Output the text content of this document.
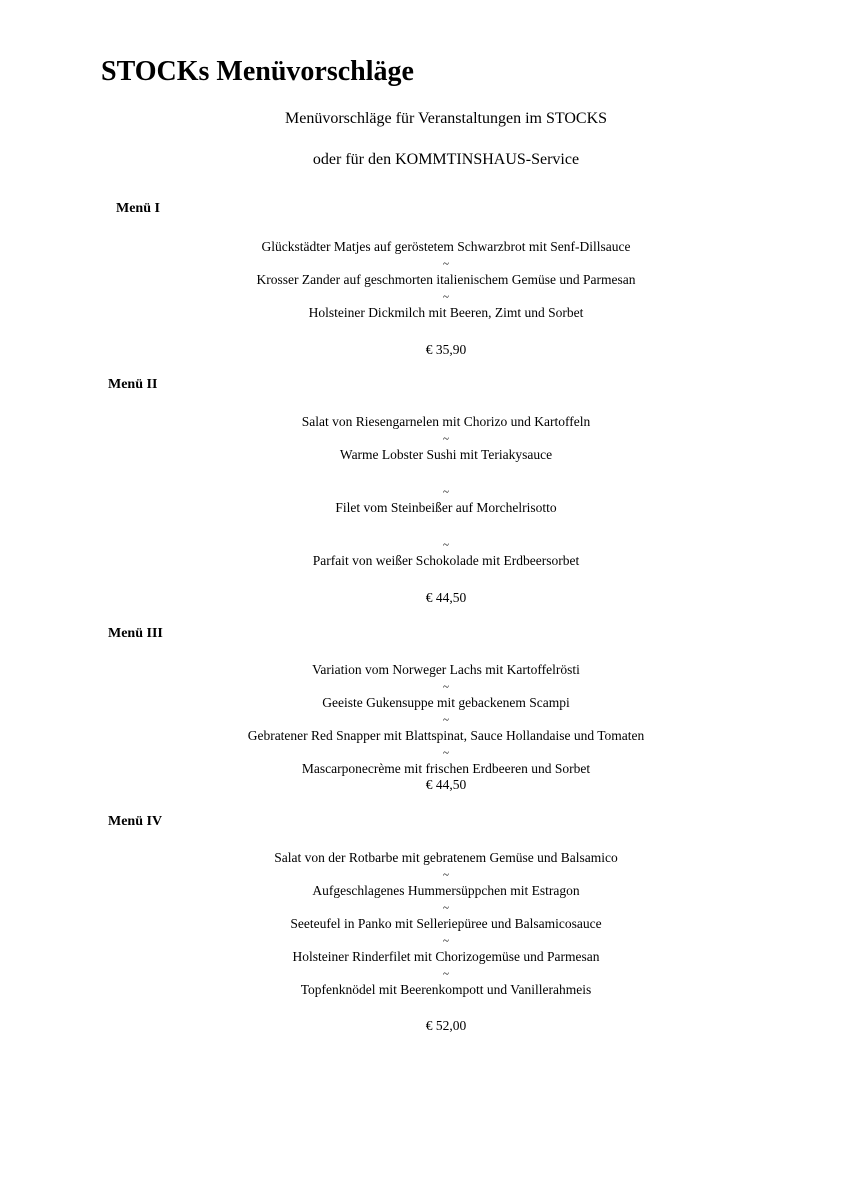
STOCKs Menüvorschläge
Menüvorschläge für Veranstaltungen im STOCKS
oder für den KOMMTINSHAUS-Service
Menü I
Glückstädter Matjes auf geröstetem Schwarzbrot mit Senf-Dillsauce
~
Krosser Zander auf geschmorten italienischem Gemüse und Parmesan
~
Holsteiner Dickmilch mit Beeren, Zimt und Sorbet
€ 35,90
Menü II
Salat von Riesengarnelen mit Chorizo und Kartoffeln
~
Warme Lobster Sushi mit Teriakysauce
~
Filet vom Steinbeißer auf Morchelrisotto
~
Parfait von weißer Schokolade mit Erdbeersorbet
€ 44,50
Menü III
Variation vom Norweger Lachs mit Kartoffelrösti
~
Geeiste Gukensuppe mit gebackenem Scampi
~
Gebratener Red Snapper mit Blattspinat, Sauce Hollandaise und Tomaten
~
Mascarponecrème mit frischen Erdbeeren und Sorbet
€ 44,50
Menü IV
Salat von der Rotbarbe mit gebratenem Gemüse und Balsamico
~
Aufgeschlagenes Hummersüppchen mit Estragon
~
Seeteufel in Panko mit Selleriepüree und Balsamicosauce
~
Holsteiner Rinderfilet mit Chorizogemüse und Parmesan
~
Topfenknödel mit Beerenkompott und Vanillerahmeis
€ 52,00
